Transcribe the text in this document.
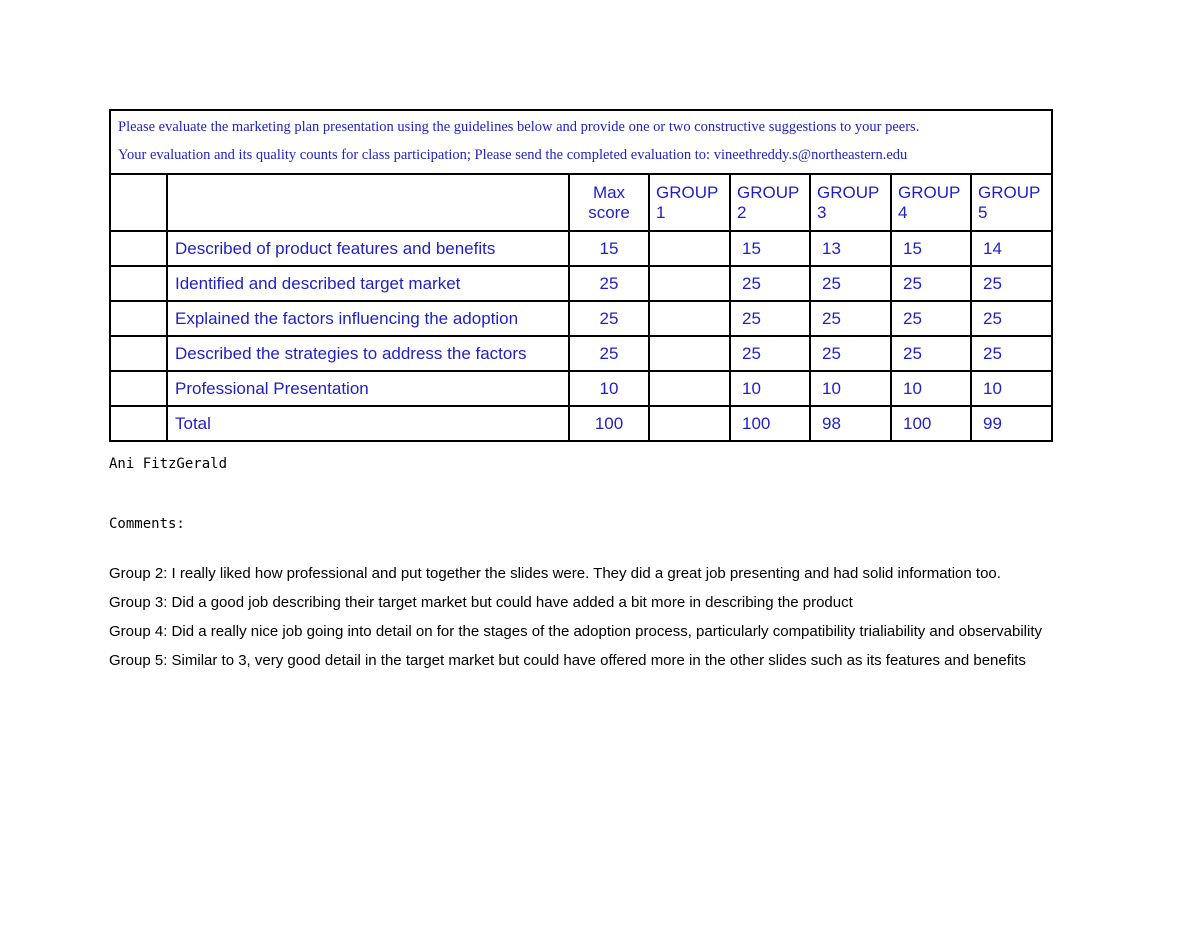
Please evaluate the marketing plan presentation using the guidelines below and provide one or two constructive suggestions to your peers.
Your evaluation and its quality counts for class participation; Please send the completed evaluation to: vineethreddy.s@northeastern.edu							

		Max score	GROUP 1	GROUP 2	GROUP 3	GROUP 4	GROUP 5
	Described of product features and benefits	15		15	13	15	14
	Identified and described target market	25		25	25	25	25
	Explained the factors influencing the adoption	25		25	25	25	25
	Described the strategies to address the factors	25		25	25	25	25
	Professional Presentation	10		10	10	10	10
	Total	100		100	98	100	99
Ani FitzGerald
Comments:

Group 2: I really liked how professional and put together the slides were. They did a great job presenting and had solid information too.

Group 3: Did a good job describing their target market but could have added a bit more in describing the product

Group 4: Did a really nice job going into detail on for the stages of the adoption process, particularly compatibility trialiability and observability

Group 5: Similar to 3, very good detail in the target market but could have offered more in the other slides such as its features and benefits
